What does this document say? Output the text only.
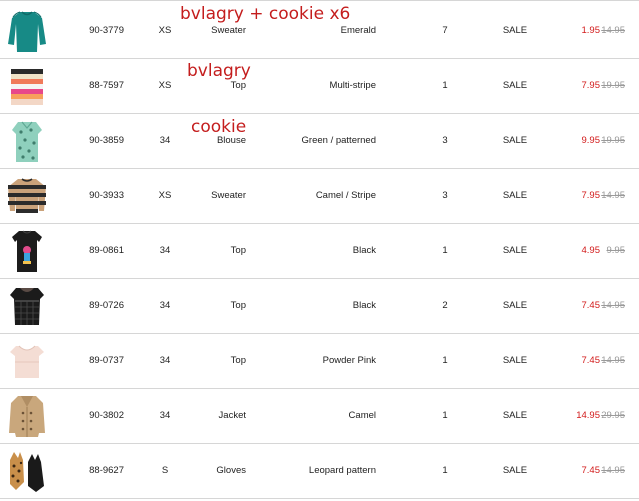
90-3779	XS	Sweater	Emerald	7	SALE	1.95 14.95
88-7597	XS	Top	Multi-stripe	1	SALE	7.95 19.95
90-3859	34	Blouse	Green / patterned	3	SALE	9.95 19.95
90-3933	XS	Sweater	Camel / Stripe	3	SALE	7.95 14.95
89-0861	34	Top	Black	1	SALE	4.95 9.95
89-0726	34	Top	Black	2	SALE	7.45 14.95
89-0737	34	Top	Powder Pink	1	SALE	7.45 14.95
90-3802	34	Jacket	Camel	1	SALE	14.95 29.95
88-9627	S	Gloves	Leopard pattern	1	SALE	7.45 14.95
bvlagry + cookie x6
bvlagry
cookie
